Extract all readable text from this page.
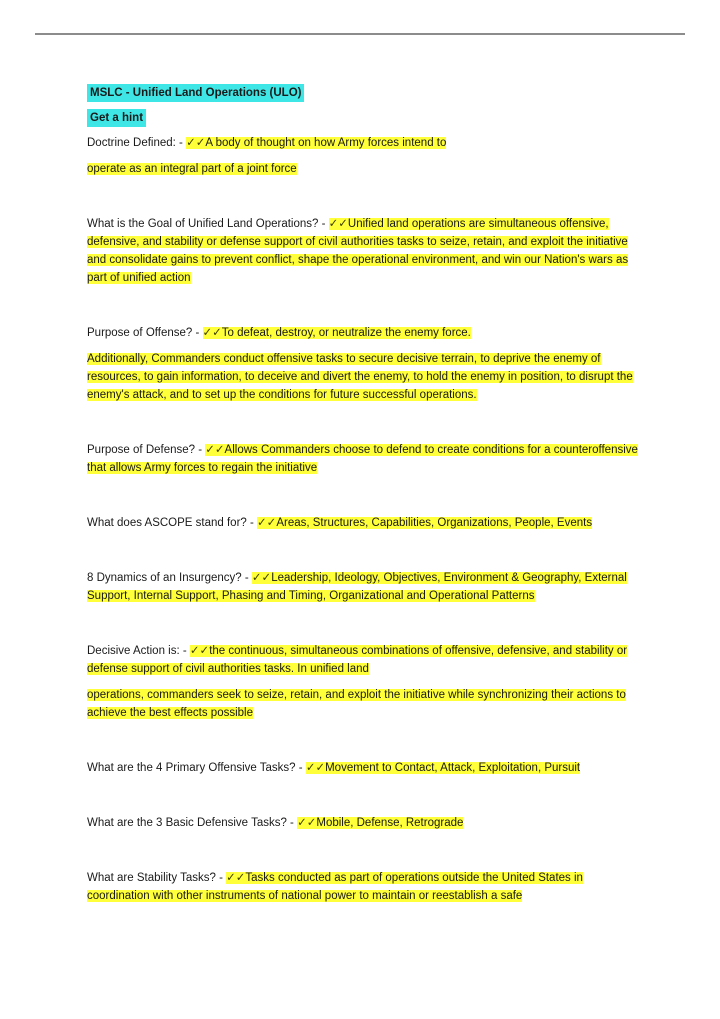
MSLC - Unified Land Operations (ULO)
Get a hint
Doctrine Defined: - ✓✓A body of thought on how Army forces intend to
operate as an integral part of a joint force
What is the Goal of Unified Land Operations? - ✓✓Unified land operations are simultaneous offensive, defensive, and stability or defense support of civil authorities tasks to seize, retain, and exploit the initiative and consolidate gains to prevent conflict, shape the operational environment, and win our Nation's wars as part of unified action
Purpose of Offense? - ✓✓To defeat, destroy, or neutralize the enemy force.
Additionally, Commanders conduct offensive tasks to secure decisive terrain, to deprive the enemy of resources, to gain information, to deceive and divert the enemy, to hold the enemy in position, to disrupt the enemy's attack, and to set up the conditions for future successful operations.
Purpose of Defense? - ✓✓Allows Commanders choose to defend to create conditions for a counteroffensive that allows Army forces to regain the initiative
What does ASCOPE stand for? - ✓✓Areas, Structures, Capabilities, Organizations, People, Events
8 Dynamics of an Insurgency? - ✓✓Leadership, Ideology, Objectives, Environment & Geography, External Support, Internal Support, Phasing and Timing, Organizational and Operational Patterns
Decisive Action is: - ✓✓the continuous, simultaneous combinations of offensive, defensive, and stability or defense support of civil authorities tasks. In unified land
operations, commanders seek to seize, retain, and exploit the initiative while synchronizing their actions to achieve the best effects possible
What are the 4 Primary Offensive Tasks? - ✓✓Movement to Contact, Attack, Exploitation, Pursuit
What are the 3 Basic Defensive Tasks? - ✓✓Mobile, Defense, Retrograde
What are Stability Tasks? - ✓✓Tasks conducted as part of operations outside the United States in coordination with other instruments of national power to maintain or reestablish a safe
